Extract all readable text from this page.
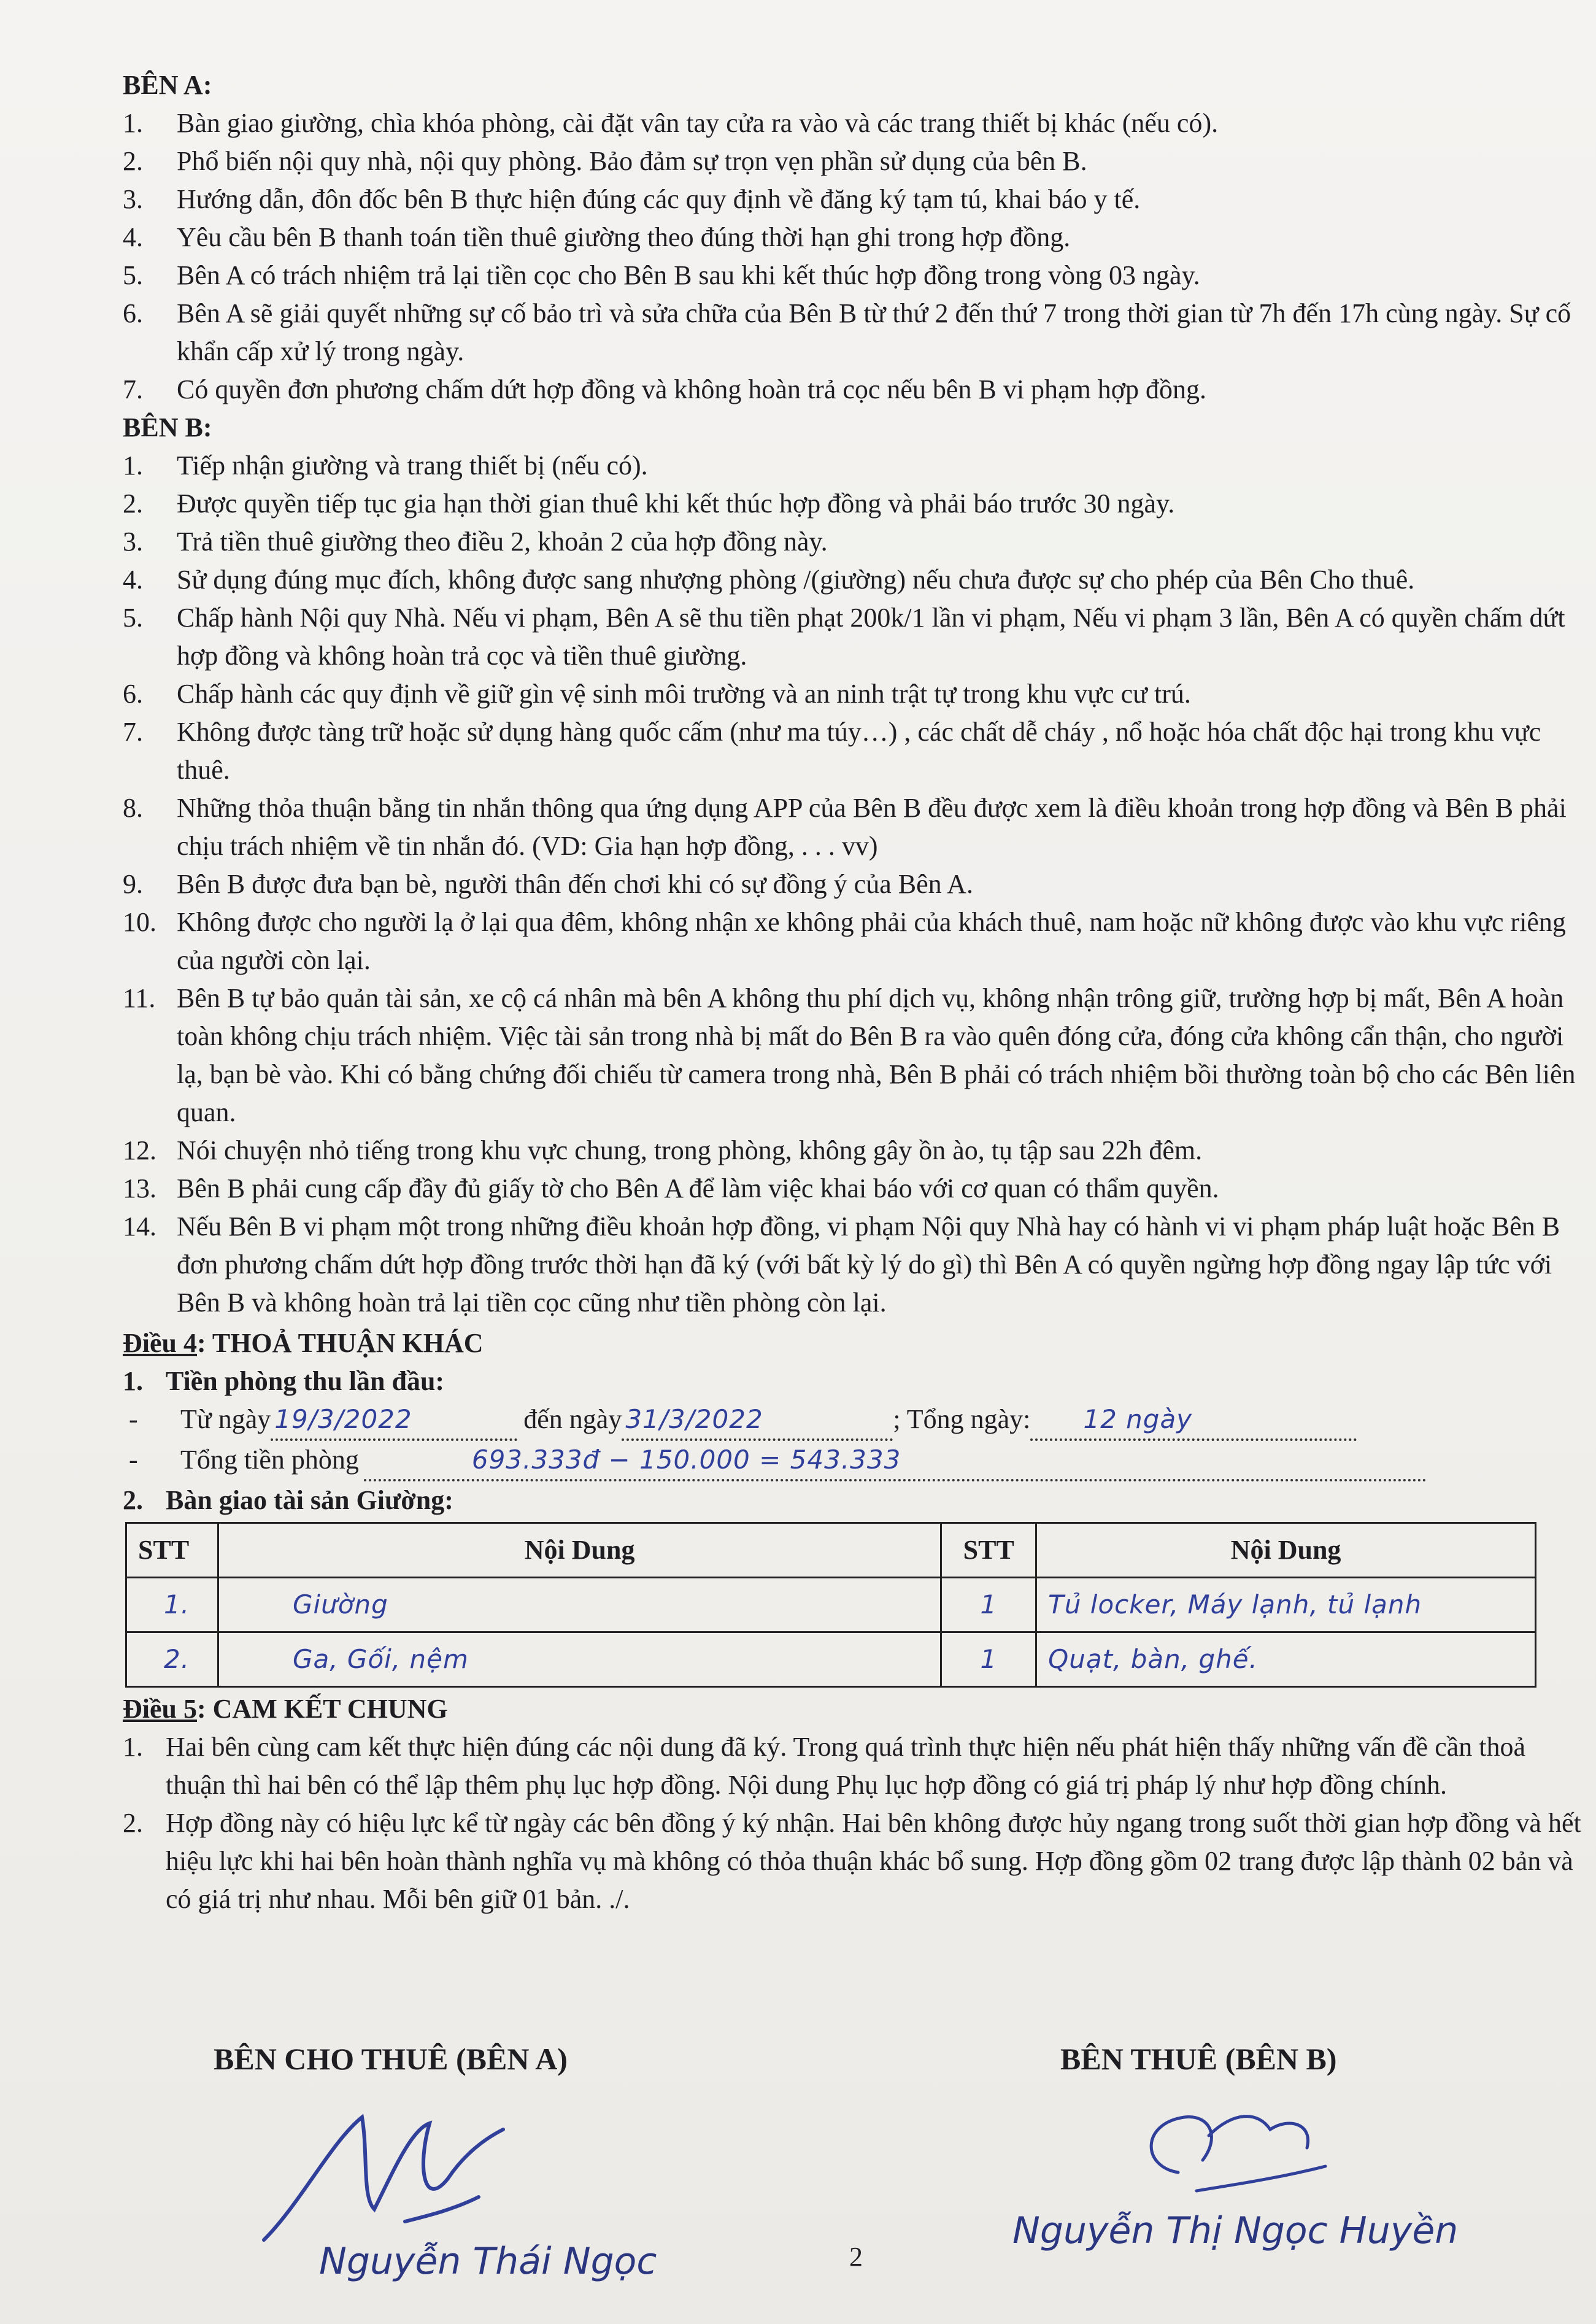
BÊN A:
1.	Bàn giao giường, chìa khóa phòng, cài đặt vân tay cửa ra vào và các trang thiết bị khác (nếu có).
2.	Phổ biến nội quy nhà, nội quy phòng. Bảo đảm sự trọn vẹn phần sử dụng của bên B.
3.	Hướng dẫn, đôn đốc bên B thực hiện đúng các quy định về đăng ký tạm tú, khai báo y tế.
4.	Yêu cầu bên B thanh toán tiền thuê giường theo đúng thời hạn ghi trong hợp đồng.
5.	Bên A có trách nhiệm trả lại tiền cọc cho Bên B sau khi kết thúc hợp đồng trong vòng 03 ngày.
6.	Bên A sẽ giải quyết những sự cố bảo trì và sửa chữa của Bên B từ thứ 2 đến thứ 7 trong thời gian từ 7h đến 17h cùng ngày. Sự cố khẩn cấp xử lý trong ngày.
7.	Có quyền đơn phương chấm dứt hợp đồng và không hoàn trả cọc nếu bên B vi phạm hợp đồng.
BÊN B:
1.	Tiếp nhận giường và trang thiết bị (nếu có).
2.	Được quyền tiếp tục gia hạn thời gian thuê khi kết thúc hợp đồng và phải báo trước 30 ngày.
3.	Trả tiền thuê giường theo điều 2, khoản 2 của hợp đồng này.
4.	Sử dụng đúng mục đích, không được sang nhượng phòng /(giường) nếu chưa được sự cho phép của Bên Cho thuê.
5.	Chấp hành Nội quy Nhà. Nếu vi phạm, Bên A sẽ thu tiền phạt 200k/1 lần vi phạm, Nếu vi phạm 3 lần, Bên A có quyền chấm dứt hợp đồng và không hoàn trả cọc và tiền thuê giường.
6.	Chấp hành các quy định về giữ gìn vệ sinh môi trường và an ninh trật tự trong khu vực cư trú.
7.	Không được tàng trữ hoặc sử dụng hàng quốc cấm (như ma túy…) , các chất dễ cháy , nổ hoặc hóa chất độc hại trong khu vực thuê.
8.	Những thỏa thuận bằng tin nhắn thông qua ứng dụng APP của Bên B đều được xem là điều khoản trong hợp đồng và Bên B phải chịu trách nhiệm về tin nhắn đó. (VD: Gia hạn hợp đồng, . . . vv)
9.	Bên B được đưa bạn bè, người thân đến chơi khi có sự đồng ý của Bên A.
10. Không được cho người lạ ở lại qua đêm, không nhận xe không phải của khách thuê, nam hoặc nữ không được vào khu vực riêng của người còn lại.
11. Bên B tự bảo quản tài sản, xe cộ cá nhân mà bên A không thu phí dịch vụ, không nhận trông giữ, trường hợp bị mất, Bên A hoàn toàn không chịu trách nhiệm. Việc tài sản trong nhà bị mất do Bên B ra vào quên đóng cửa, đóng cửa không cẩn thận, cho người lạ, bạn bè vào. Khi có bằng chứng đối chiếu từ camera trong nhà, Bên B phải có trách nhiệm bồi thường toàn bộ cho các Bên liên quan.
12. Nói chuyện nhỏ tiếng trong khu vực chung, trong phòng, không gây ồn ào, tụ tập sau 22h đêm.
13. Bên B phải cung cấp đầy đủ giấy tờ cho Bên A để làm việc khai báo với cơ quan có thẩm quyền.
14. Nếu Bên B vi phạm một trong những điều khoản hợp đồng, vi phạm Nội quy Nhà hay có hành vi vi phạm pháp luật hoặc Bên B đơn phương chấm dứt hợp đồng trước thời hạn đã ký (với bất kỳ lý do gì) thì Bên A có quyền ngừng hợp đồng ngay lập tức với Bên B và không hoàn trả lại tiền cọc cũng như tiền phòng còn lại.
Điều 4: THOẢ THUẬN KHÁC
1. Tiền phòng thu lần đầu:
-	Từ ngày 19/3/2022	đến ngày 31/3/2022	; Tổng ngày:	12 ngày
-	Tổng tiền phòng	693.333đ − 150.000 = 543.333
2. Bàn giao tài sản Giường:
STT	Nội Dung	STT	Nội Dung
1.	Giường	1	Tủ locker, Máy lạnh, tủ lạnh
2.	Ga, Gối, nệm	1	Quạt, bàn, ghế.
Điều 5: CAM KẾT CHUNG
1. Hai bên cùng cam kết thực hiện đúng các nội dung đã ký. Trong quá trình thực hiện nếu phát hiện thấy những vấn đề cần thoả thuận thì hai bên có thể lập thêm phụ lục hợp đồng. Nội dung Phụ lục hợp đồng có giá trị pháp lý như hợp đồng chính.
2. Hợp đồng này có hiệu lực kể từ ngày các bên đồng ý ký nhận. Hai bên không được hủy ngang trong suốt thời gian hợp đồng và hết hiệu lực khi hai bên hoàn thành nghĩa vụ mà không có thỏa thuận khác bổ sung. Hợp đồng gồm 02 trang được lập thành 02 bản và có giá trị như nhau. Mỗi bên giữ 01 bản. ./.
BÊN CHO THUÊ (BÊN A)	BÊN THUÊ (BÊN B)
Nguyễn Thái Ngọc
Nguyễn Thị Ngọc Huyền
2
